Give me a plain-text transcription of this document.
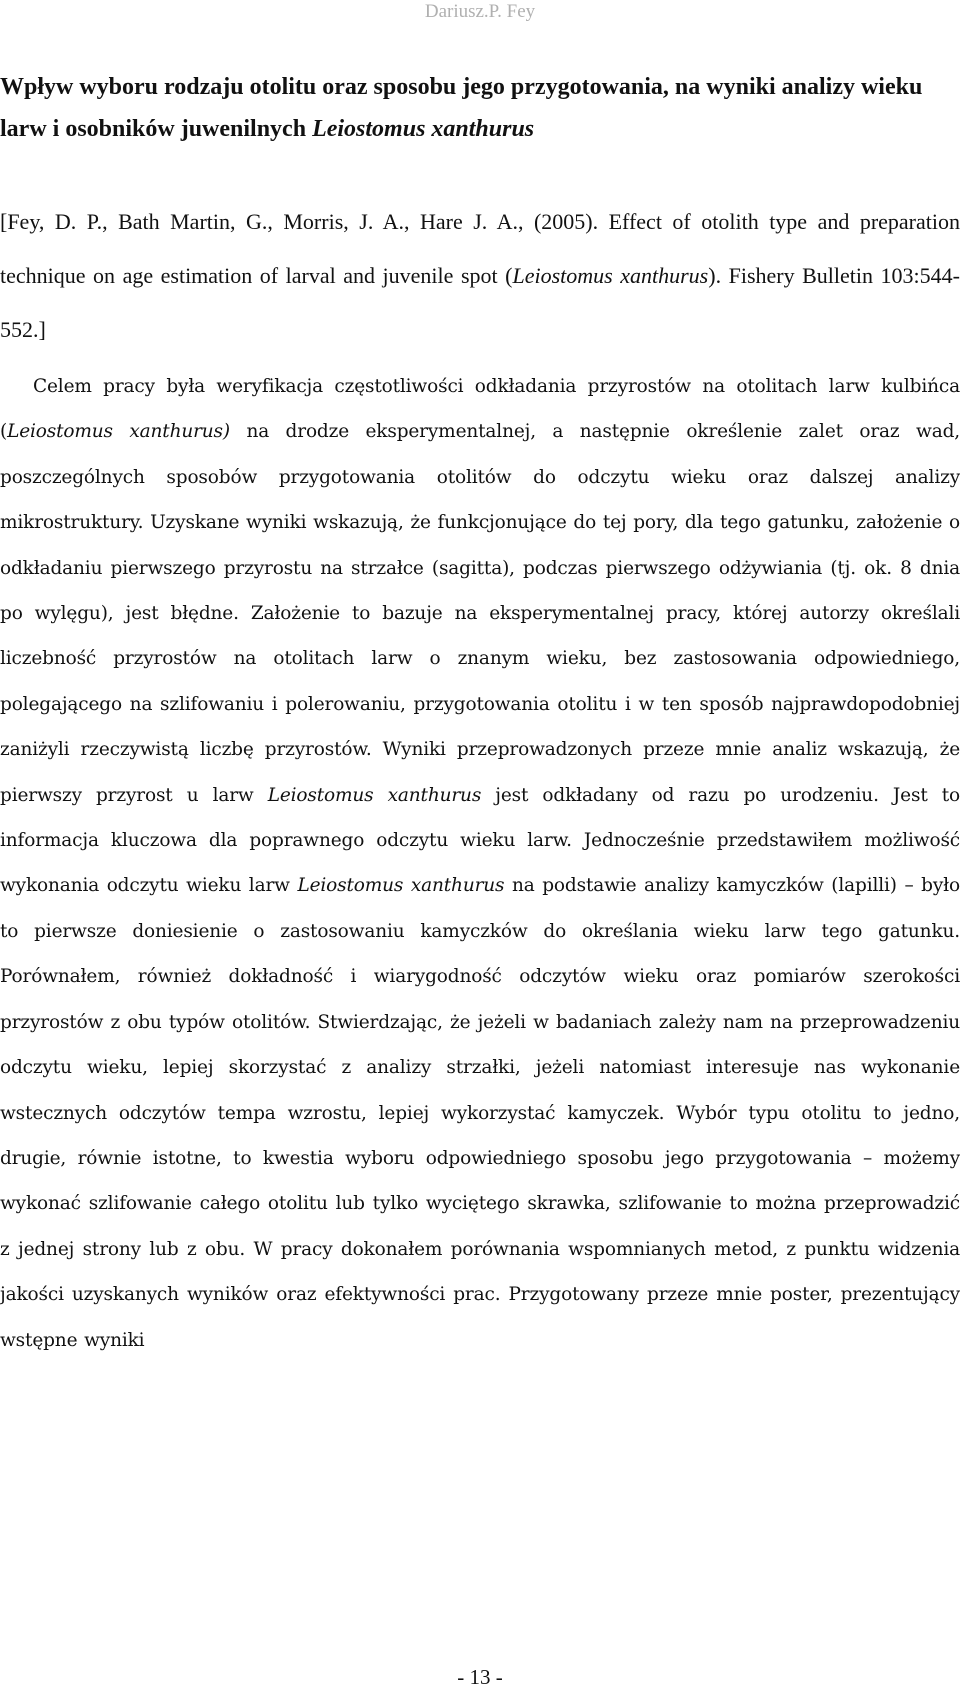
Dariusz.P. Fey

Wpływ wyboru rodzaju otolitu oraz sposobu jego przygotowania, na wyniki analizy wieku larw i osobników juwenilnych Leiostomus xanthurus

[Fey, D. P., Bath Martin, G., Morris, J. A., Hare J. A., (2005). Effect of otolith type and preparation technique on age estimation of larval and juvenile spot (Leiostomus xanthurus). Fishery Bulletin 103:544-552.]

Celem pracy była weryfikacja częstotliwości odkładania przyrostów na otolitach larw kulbińca (Leiostomus xanthurus) na drodze eksperymentalnej, a następnie określenie zalet oraz wad, poszczególnych sposobów przygotowania otolitów do odczytu wieku oraz dalszej analizy mikrostruktury. Uzyskane wyniki wskazują, że funkcjonujące do tej pory, dla tego gatunku, założenie o odkładaniu pierwszego przyrostu na strzałce (sagitta), podczas pierwszego odżywiania (tj. ok. 8 dnia po wylęgu), jest błędne. Założenie to bazuje na eksperymentalnej pracy, której autorzy określali liczebność przyrostów na otolitach larw o znanym wieku, bez zastosowania odpowiedniego, polegającego na szlifowaniu i polerowaniu, przygotowania otolitu i w ten sposób najprawdopodobniej zaniżyli rzeczywistą liczbę przyrostów. Wyniki przeprowadzonych przeze mnie analiz wskazują, że pierwszy przyrost u larw Leiostomus xanthurus jest odkładany od razu po urodzeniu. Jest to informacja kluczowa dla poprawnego odczytu wieku larw. Jednocześnie przedstawiłem możliwość wykonania odczytu wieku larw Leiostomus xanthurus na podstawie analizy kamyczków (lapilli) – było to pierwsze doniesienie o zastosowaniu kamyczków do określania wieku larw tego gatunku. Porównałem, również dokładność i wiarygodność odczytów wieku oraz pomiarów szerokości przyrostów z obu typów otolitów. Stwierdzając, że jeżeli w badaniach zależy nam na przeprowadzeniu odczytu wieku, lepiej skorzystać z analizy strzałki, jeżeli natomiast interesuje nas wykonanie wstecznych odczytów tempa wzrostu, lepiej wykorzystać kamyczek. Wybór typu otolitu to jedno, drugie, równie istotne, to kwestia wyboru odpowiedniego sposobu jego przygotowania – możemy wykonać szlifowanie całego otolitu lub tylko wyciętego skrawka, szlifowanie to można przeprowadzić z jednej strony lub z obu. W pracy dokonałem porównania wspomnianych metod, z punktu widzenia jakości uzyskanych wyników oraz efektywności prac. Przygotowany przeze mnie poster, prezentujący wstępne wyniki

- 13 -
